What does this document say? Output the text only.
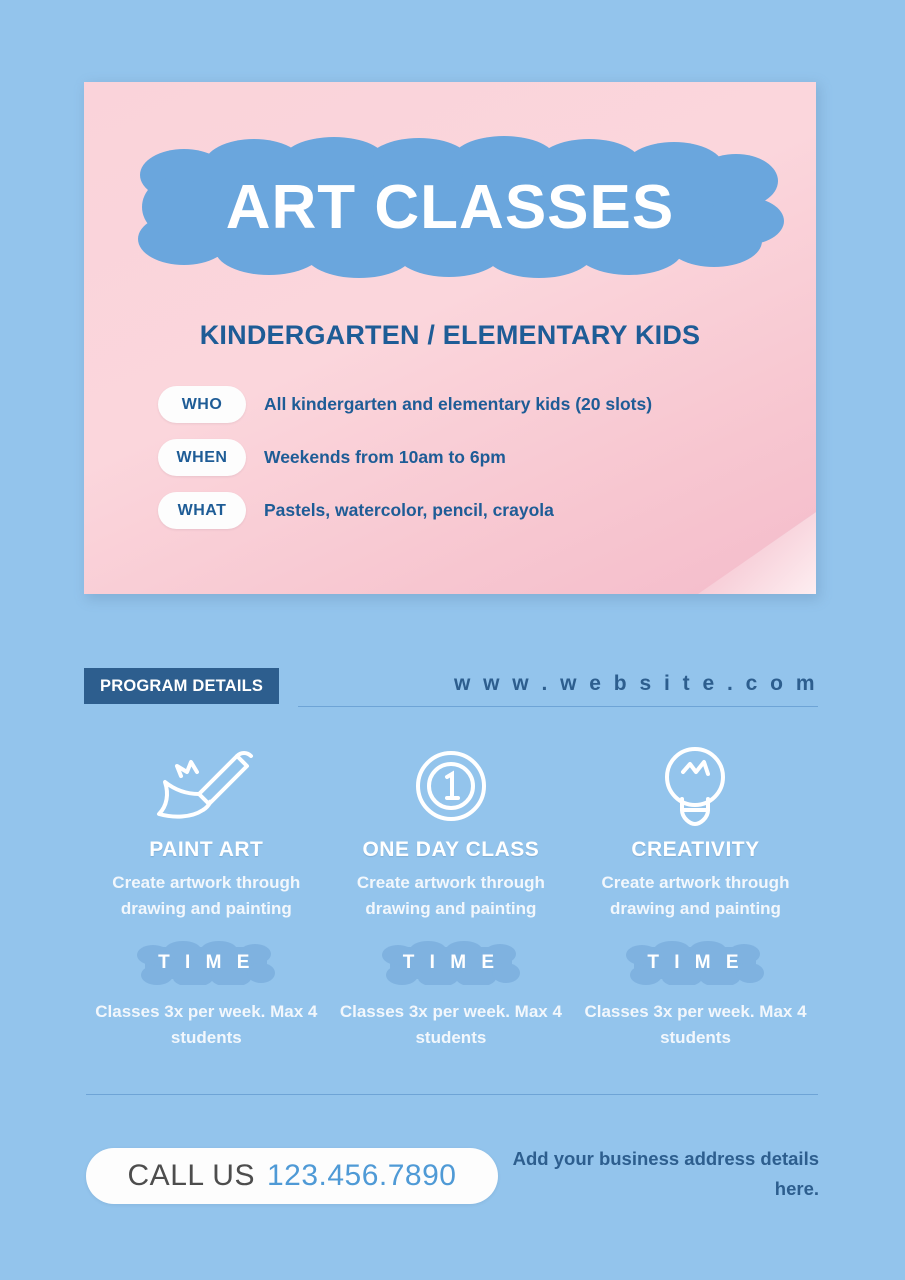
ART CLASSES
KINDERGARTEN / ELEMENTARY KIDS
WHO	All kindergarten and elementary kids (20 slots)
WHEN	Weekends from 10am to 6pm
WHAT	Pastels, watercolor, pencil, crayola
PROGRAM DETAILS	w w w . w e b s i t e . c o m
PAINT ART
Create artwork through drawing and painting
T I M E
Classes 3x per week. Max 4 students
ONE DAY CLASS
Create artwork through drawing and painting
T I M E
Classes 3x per week. Max 4 students
CREATIVITY
Create artwork through drawing and painting
T I M E
Classes 3x per week. Max 4 students
CALL US 123.456.7890
Add your business address details here.
